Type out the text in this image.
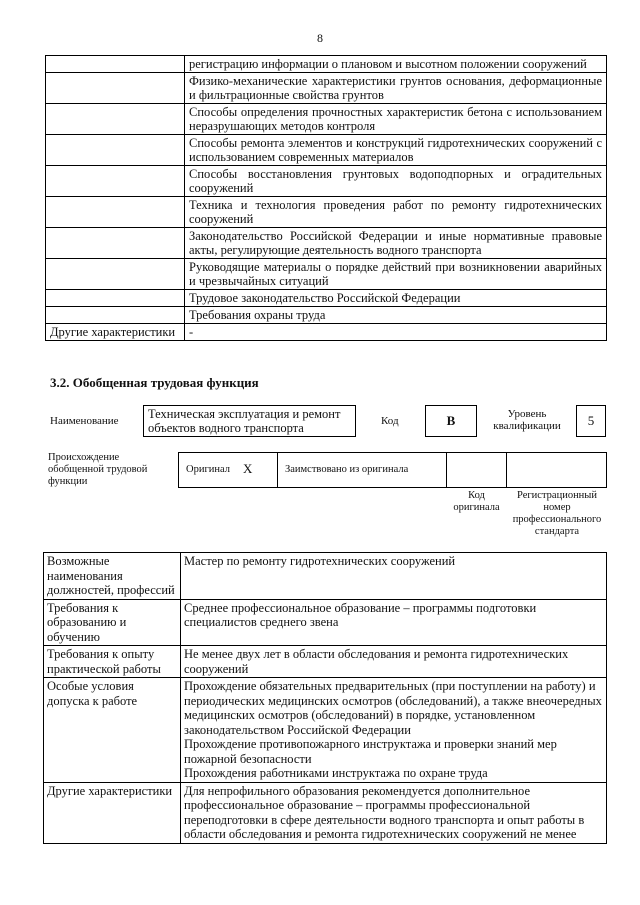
8
	регистрацию информации о плановом и высотном положении сооружений
	Физико-механические характеристики грунтов основания, деформационные и фильтрационные свойства грунтов
	Способы определения прочностных характеристик бетона с использованием неразрушающих методов контроля
	Способы ремонта элементов и конструкций гидротехнических сооружений с использованием современных материалов
	Способы восстановления грунтовых водоподпорных и оградительных сооружений
	Техника и технология проведения работ по ремонту гидротехнических сооружений
	Законодательство Российской Федерации и иные нормативные правовые акты, регулирующие деятельность водного транспорта
	Руководящие материалы о порядке действий при возникновении аварийных и чрезвычайных ситуаций
	Трудовое законодательство Российской Федерации
	Требования охраны труда
Другие характеристики	-
3.2. Обобщенная трудовая функция
Наименование	Техническая эксплуатация и ремонт объектов водного транспорта	Код	B	Уровень квалификации	5
Происхождение обобщенной трудовой функции
Оригинал X	Заимствовано из оригинала
Код оригинала
Регистрационный номер профессионального стандарта
Возможные наименования должностей, профессий	Мастер по ремонту гидротехнических сооружений

Требования к образованию и обучению	Среднее профессиональное образование – программы подготовки специалистов среднего звена

Требования к опыту практической работы	Не менее двух лет в области обследования и ремонта гидротехнических сооружений

Особые условия допуска к работе	Прохождение обязательных предварительных (при поступлении на работу) и периодических медицинских осмотров (обследований), а также внеочередных медицинских осмотров (обследований) в порядке, установленном законодательством Российской Федерации

Прохождение противопожарного инструктажа и проверки знаний мер пожарной безопасности

Прохождения работниками инструктажа по охране труда

Другие характеристики	Для непрофильного образования рекомендуется дополнительное профессиональное образование – программы профессиональной переподготовки в сфере деятельности водного транспорта и опыт работы в области обследования и ремонта гидротехнических сооружений не менее
